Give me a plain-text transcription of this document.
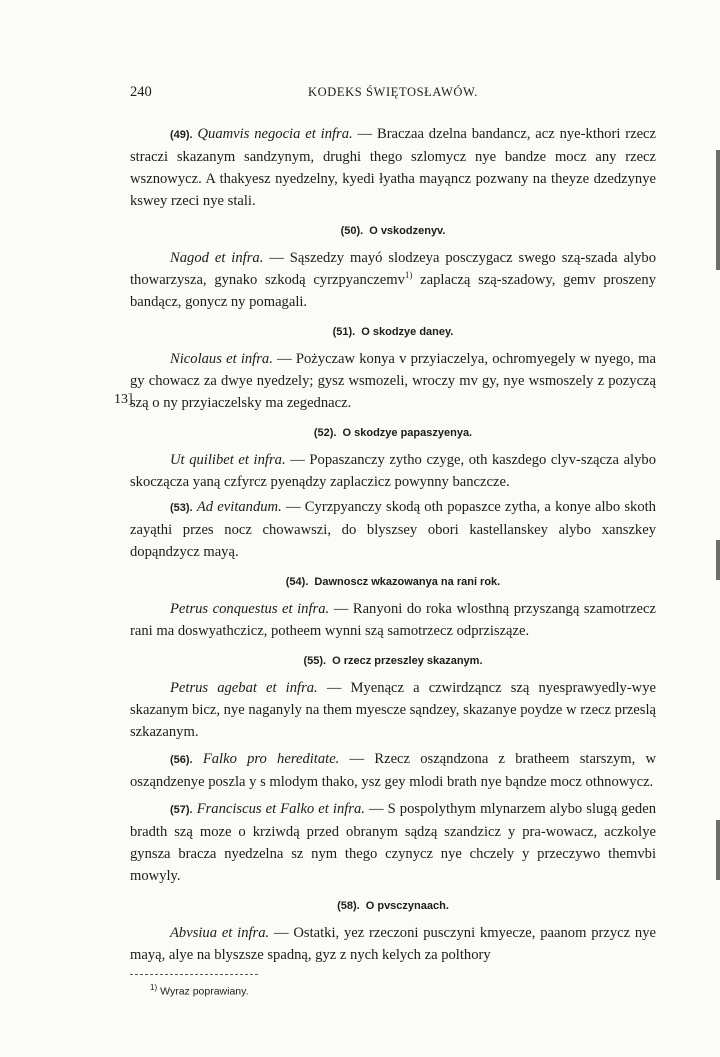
240	KODEKS ŚWIĘTOSŁAWÓW.

(49). Quamvis negocia et infra. — Braczaa dzelna bandancz, acz nye-kthori rzecz straczi skazanym sandzynym, drughi thego szlomycz nye bandze mocz any rzecz wsznowycz. A thakyesz nyedzelny, kyedi łyatha mayąncz pozwany na theyze dzedzynye kswey rzeci nye stali.

(50). O vskodzenyv.

Nagod et infra. — Sąszedzy mayó slodzeya posczygacz swego szą-szada alybo thowarzysza, gynako szkodą cyrzpyanczemv$^{1)}$ zaplaczą szą-szadowy, gemv proszeny bandącz, gonycz ny pomagali.

(51). O skodzye daney.
13]

Nicolaus et infra. — Pożyczaw konya v przyiaczelya, ochromyegely w nyego, ma gy chowacz za dwye nyedzely; gysz wsmozeli, wroczy mv gy, nye wsmoszely z pozyczą szą o ny przyiaczelsky ma zegednacz.

(52). O skodzye papaszyenya.

Ut quilibet et infra. — Popaszanczy zytho czyge, oth kaszdego clyv-szącza alybo skoczącza yaną czfyrcz pyenądzy zaplaczicz powynny banczcze.

(53). Ad evitandum. — Cyrzpyanczy skodą oth popaszce zytha, a konye albo skoth zayąthi przes nocz chowawszi, do blyszsey obori kastellanskey alybo xanszkey dopąndzycz mayą.

(54). Dawnoscz wkazowanya na rani rok.

Petrus conquestus et infra. — Ranyoni do roka wlosthną przyszangą szamotrzecz rani ma doswyathczicz, potheem wynni szą samotrzecz odprzisząze.

(55). O rzecz przeszley skazanym.

Petrus agebat et infra. — Myenącz a czwirdząncz szą nyesprawyedly-wye skazanym bicz, nye naganyly na them myescze sąndzey, skazanye poydze w rzecz przeslą szkazanym.

(56). Falko pro hereditate. — Rzecz osząndzona z bratheem starszym, w osząndzenye poszla y s mlodym thako, ysz gey mlodi brath nye bąndze mocz othnowycz.

(57). Franciscus et Falko et infra. — S pospolythym mlynarzem alybo slugą geden bradth szą moze o krziwdą przed obranym sądzą szandzicz y pra-wowacz, aczkolye gynsza bracza nyedzelna sz nym thego czynycz nye chczely y przeczywo themvbi mowyly.

(58). O pvsczynaach.

Abvsiua et infra. — Ostatki, yez rzeczoni pusczyni kmyecze, paanom przycz nye mayą, alye na blyszsze spadną, gyz z nych kelych za polthory

$^{1)}$ Wyraz poprawiany.
